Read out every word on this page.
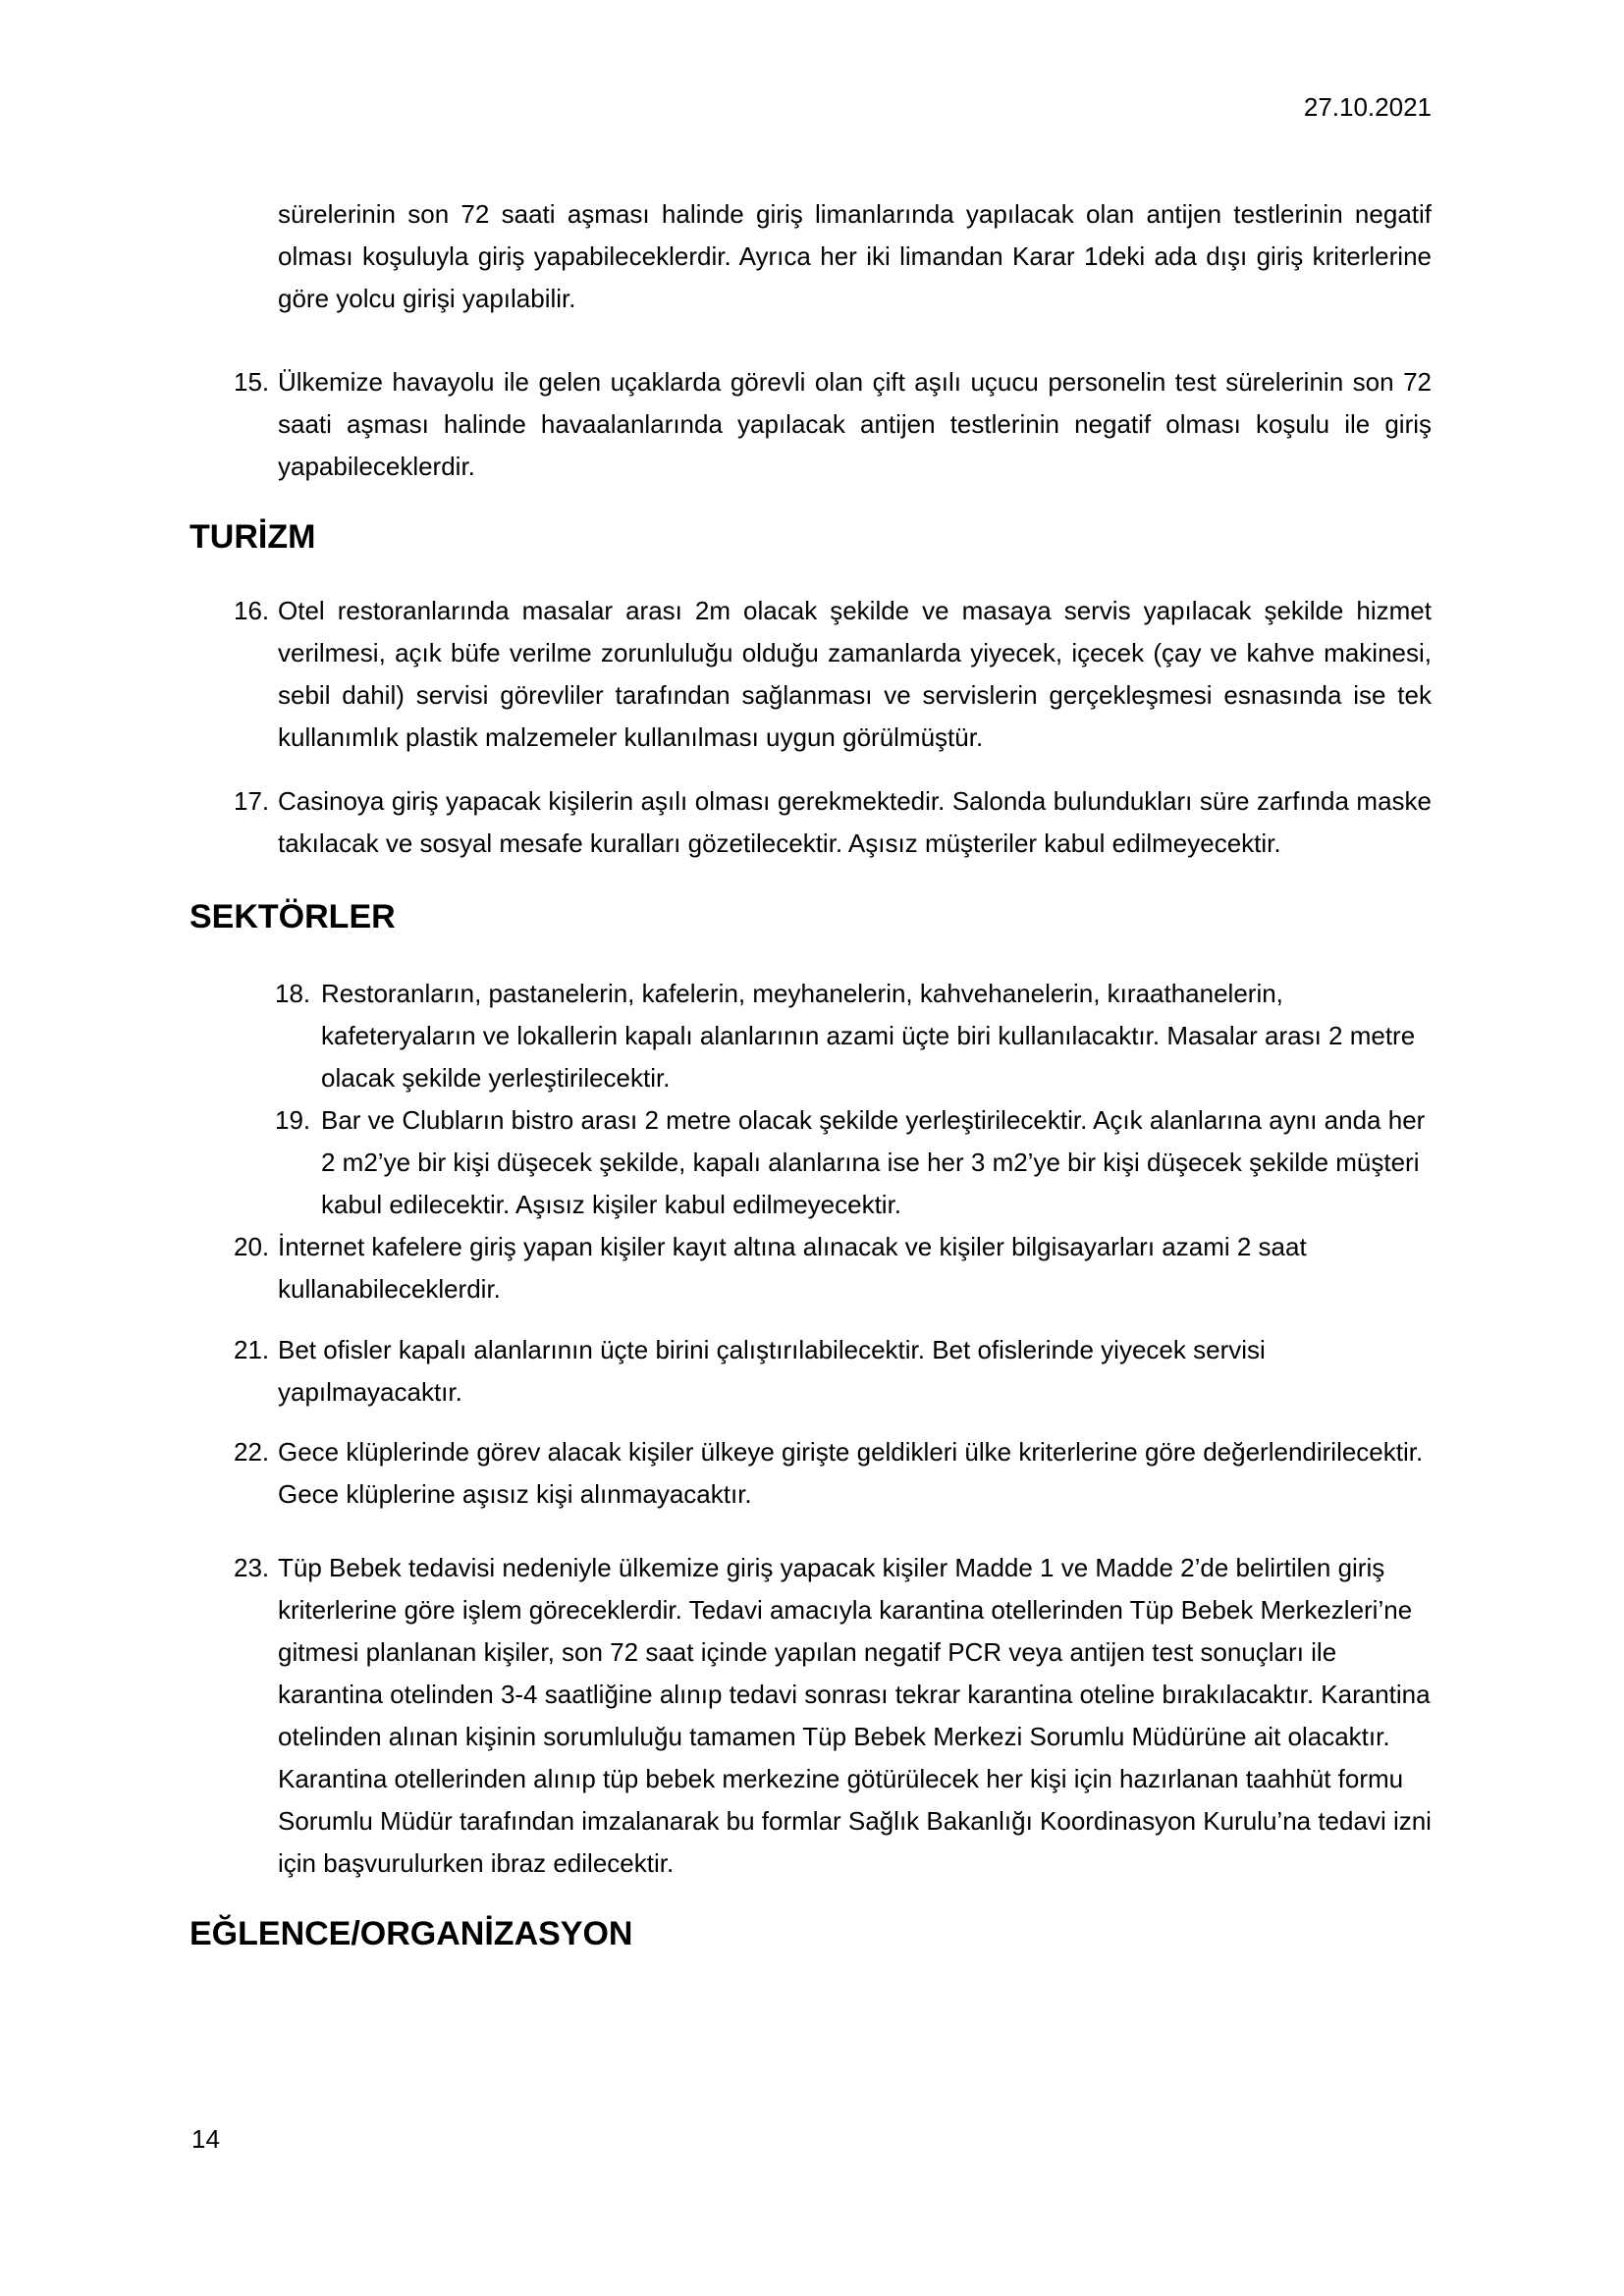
27.10.2021
sürelerinin son 72 saati aşması halinde giriş limanlarında yapılacak olan antijen testlerinin negatif olması koşuluyla giriş yapabileceklerdir. Ayrıca her iki limandan Karar 1deki ada dışı giriş kriterlerine göre yolcu girişi yapılabilir.
15. Ülkemize havayolu ile gelen uçaklarda görevli olan çift aşılı uçucu personelin test sürelerinin son 72 saati aşması halinde havaalanlarında yapılacak antijen testlerinin negatif olması koşulu ile giriş yapabileceklerdir.
TURİZM
16. Otel restoranlarında masalar arası 2m olacak şekilde ve masaya servis yapılacak şekilde hizmet verilmesi, açık büfe verilme zorunluluğu olduğu zamanlarda yiyecek, içecek (çay ve kahve makinesi, sebil dahil) servisi görevliler tarafından sağlanması ve servislerin gerçekleşmesi esnasında ise tek kullanımlık plastik malzemeler kullanılması uygun görülmüştür.
17. Casinoya giriş yapacak kişilerin aşılı olması gerekmektedir. Salonda bulundukları süre zarfında maske takılacak ve sosyal mesafe kuralları gözetilecektir. Aşısız müşteriler kabul edilmeyecektir.
SEKTÖRLER
18. Restoranların, pastanelerin, kafelerin, meyhanelerin, kahvehanelerin, kıraathanelerin, kafeteryaların ve lokallerin kapalı alanlarının azami üçte biri kullanılacaktır. Masalar arası 2 metre olacak şekilde yerleştirilecektir.
19. Bar ve Clubların bistro arası 2 metre olacak şekilde yerleştirilecektir. Açık alanlarına aynı anda her 2 m2’ye bir kişi düşecek şekilde, kapalı alanlarına ise her 3 m2’ye bir kişi düşecek şekilde müşteri kabul edilecektir. Aşısız kişiler kabul edilmeyecektir.
20. İnternet kafelere giriş yapan kişiler kayıt altına alınacak ve kişiler bilgisayarları azami 2 saat kullanabileceklerdir.
21. Bet ofisler kapalı alanlarının üçte birini çalıştırılabilecektir. Bet ofislerinde yiyecek servisi yapılmayacaktır.
22. Gece klüplerinde görev alacak kişiler ülkeye girişte geldikleri ülke kriterlerine göre değerlendirilecektir. Gece klüplerine aşısız kişi alınmayacaktır.
23. Tüp Bebek tedavisi nedeniyle ülkemize giriş yapacak kişiler Madde 1 ve Madde 2’de belirtilen giriş kriterlerine göre işlem göreceklerdir. Tedavi amacıyla karantina otellerinden Tüp Bebek Merkezleri’ne gitmesi planlanan kişiler, son 72 saat içinde yapılan negatif PCR veya antijen test sonuçları ile karantina otelinden 3-4 saatliğine alınıp tedavi sonrası tekrar karantina oteline bırakılacaktır. Karantina otelinden alınan kişinin sorumluluğu tamamen Tüp Bebek Merkezi Sorumlu Müdürüne ait olacaktır. Karantina otellerinden alınıp tüp bebek merkezine götürülecek her kişi için hazırlanan taahhüt formu Sorumlu Müdür tarafından imzalanarak bu formlar Sağlık Bakanlığı Koordinasyon Kurulu’na tedavi izni için başvurulurken ibraz edilecektir.
EĞLENCE/ORGANİZASYON
14
